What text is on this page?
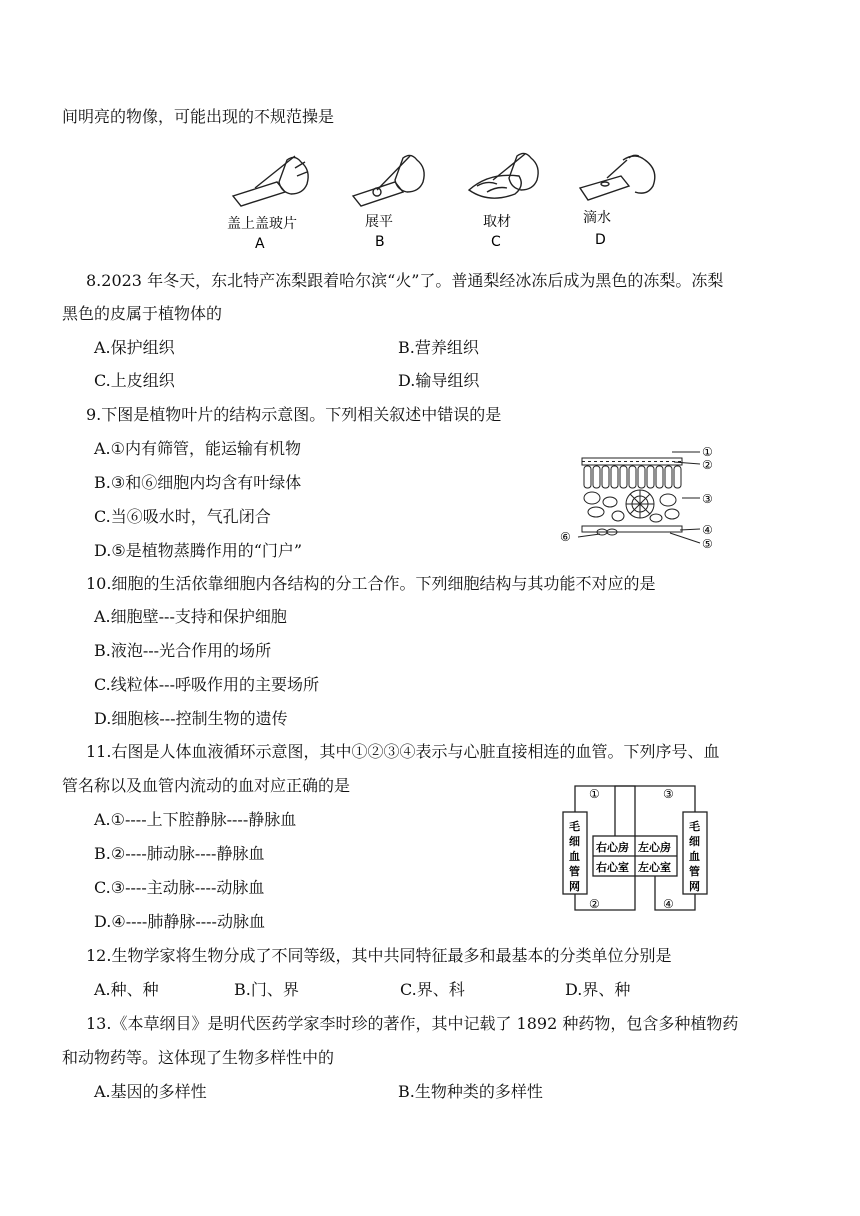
间明亮的物像，可能出现的不规范操是
盖上盖玻片	展平	取材	滴水
A	B	C	D
8.2023 年冬天，东北特产冻梨跟着哈尔滨“火”了。普通梨经冰冻后成为黑色的冻梨。冻梨
黑色的皮属于植物体的
A.保护组织	B.营养组织
C.上皮组织	D.输导组织
9.下图是植物叶片的结构示意图。下列相关叙述中错误的是
A.①内有筛管，能运输有机物
B.③和⑥细胞内均含有叶绿体
C.当⑥吸水时，气孔闭合
D.⑤是植物蒸腾作用的“门户”
①
②
③
④
⑤
⑥
10.细胞的生活依靠细胞内各结构的分工合作。下列细胞结构与其功能不对应的是
A.细胞壁---支持和保护细胞
B.液泡---光合作用的场所
C.线粒体---呼吸作用的主要场所
D.细胞核---控制生物的遗传
11.右图是人体血液循环示意图，其中①②③④表示与心脏直接相连的血管。下列序号、血
管名称以及血管内流动的血对应正确的是
A.①----上下腔静脉----静脉血
B.②----肺动脉----静脉血
C.③----主动脉----动脉血
D.④----肺静脉----动脉血
①
②
③
④
右心房 左心房
右心室 左心室
毛
细
血
管
网
毛
细
血
管
网
12.生物学家将生物分成了不同等级，其中共同特征最多和最基本的分类单位分别是
A.种、种	B.门、界	C.界、科	D.界、种
13.《本草纲目》是明代医药学家李时珍的著作，其中记载了 1892 种药物，包含多种植物药
和动物药等。这体现了生物多样性中的
A.基因的多样性	B.生物种类的多样性
